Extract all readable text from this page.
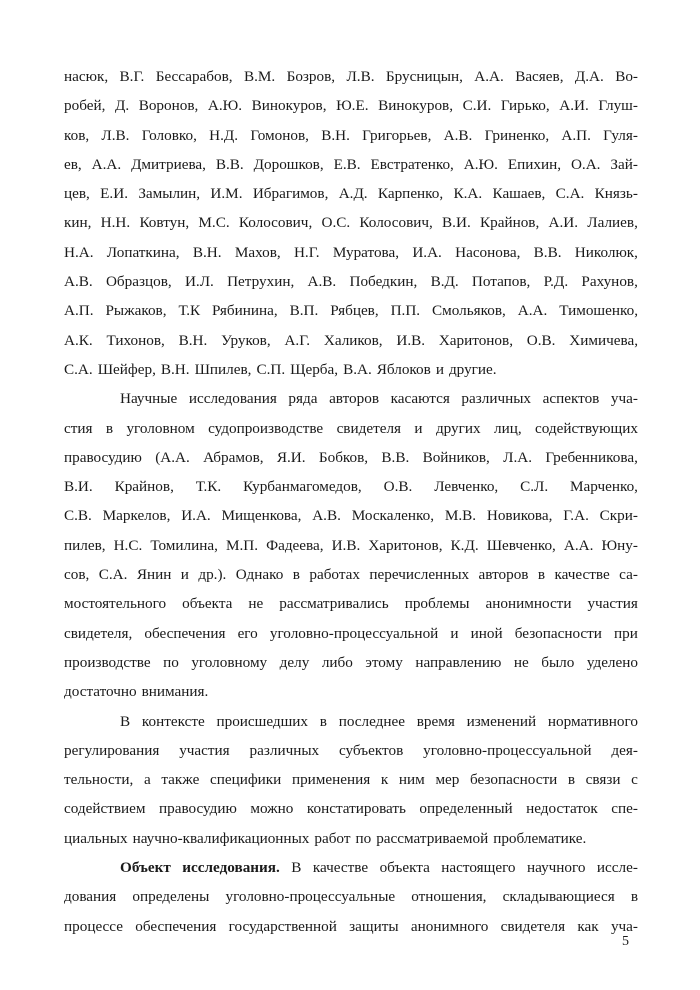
насюк, В.Г. Бессарабов, В.М. Бозров, Л.В. Брусницын, А.А. Васяев, Д.А. Во-
робей, Д. Воронов, А.Ю. Винокуров, Ю.Е. Винокуров, С.И. Гирько, А.И. Глуш-
ков, Л.В. Головко, Н.Д. Гомонов, В.Н. Григорьев, А.В. Гриненко, А.П. Гуля-
ев, А.А. Дмитриева, В.В. Дорошков, Е.В. Евстратенко, А.Ю. Епихин, О.А. Зай-
цев, Е.И. Замылин, И.М. Ибрагимов, А.Д. Карпенко, К.А. Кашаев, С.А. Князь-
кин, Н.Н. Ковтун, М.С. Колосович, О.С. Колосович, В.И. Крайнов, А.И. Лалиев,
Н.А. Лопаткина, В.Н. Махов, Н.Г. Муратова, И.А. Насонова, В.В. Николюк,
А.В. Образцов, И.Л. Петрухин, А.В. Победкин, В.Д. Потапов, Р.Д. Рахунов,
А.П. Рыжаков, Т.К Рябинина, В.П. Рябцев, П.П. Смольяков, А.А. Тимошенко,
А.К. Тихонов, В.Н. Уруков, А.Г. Халиков, И.В. Харитонов, О.В. Химичева,
С.А. Шейфер, В.Н. Шпилев, С.П. Щерба, В.А. Яблоков и другие.
Научные исследования ряда авторов касаются различных аспектов уча-
стия в уголовном судопроизводстве свидетеля и других лиц, содействующих
правосудию (А.А. Абрамов, Я.И. Бобков, В.В. Войников, Л.А. Гребенникова,
В.И. Крайнов, Т.К. Курбанмагомедов, О.В. Левченко, С.Л. Марченко,
С.В. Маркелов, И.А. Мищенкова, А.В. Москаленко, М.В. Новикова, Г.А. Скри-
пилев, Н.С. Томилина, М.П. Фадеева, И.В. Харитонов, К.Д. Шевченко, А.А. Юну-
сов, С.А. Янин и др.). Однако в работах перечисленных авторов в качестве са-
мостоятельного объекта не рассматривались проблемы анонимности участия
свидетеля, обеспечения его уголовно-процессуальной и иной безопасности при
производстве по уголовному делу либо этому направлению не было уделено
достаточно внимания.
В контексте происшедших в последнее время изменений нормативного
регулирования участия различных субъектов уголовно-процессуальной дея-
тельности, а также специфики применения к ним мер безопасности в связи с
содействием правосудию можно констатировать определенный недостаток спе-
циальных научно-квалификационных работ по рассматриваемой проблематике.
Объект исследования. В качестве объекта настоящего научного иссле-
дования определены уголовно-процессуальные отношения, складывающиеся в
процессе обеспечения государственной защиты анонимного свидетеля как уча-
5
